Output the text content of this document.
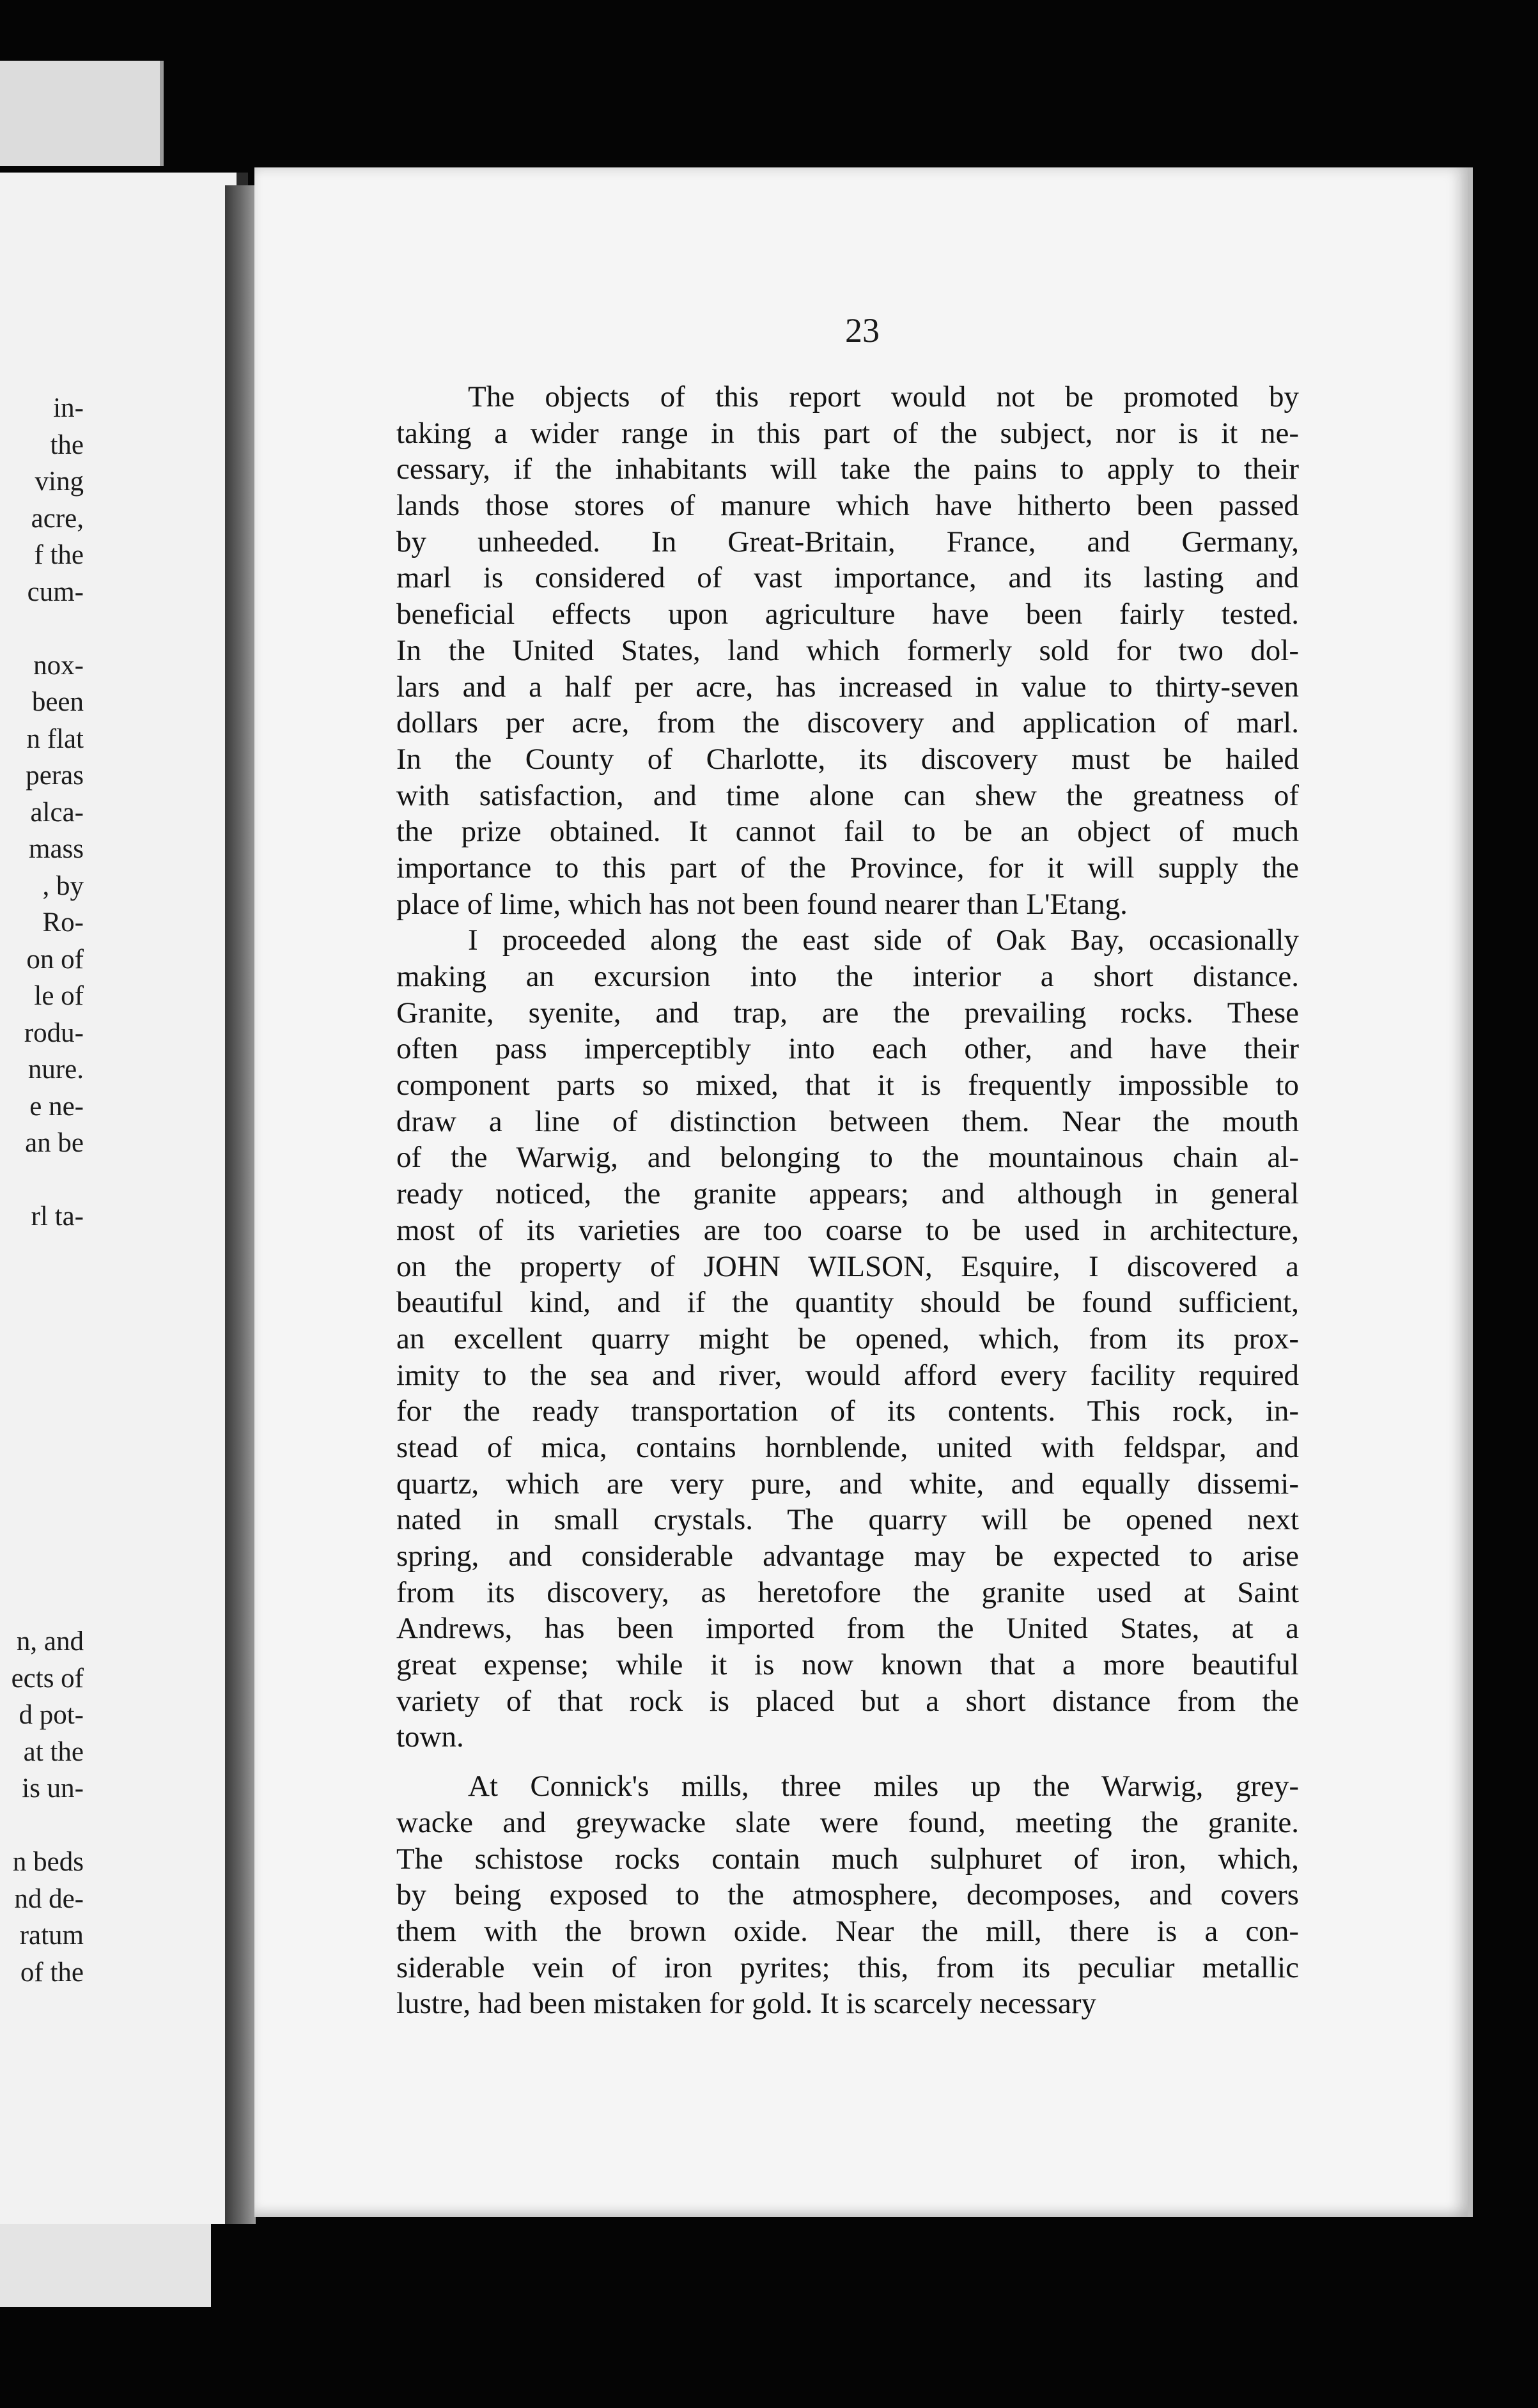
in-
the
ving
acre,
f the
cum-

nox-
been
n flat
peras
alca-
mass
, by
Ro-
on of
le of
rodu-
nure.
e ne-
an be

rl ta-
n, and
ects of
d pot-
at the
is un-

n beds
nd de-
ratum
of the
23
The objects of this report would not be promoted by
taking a wider range in this part of the subject, nor is it ne-
cessary, if the inhabitants will take the pains to apply to their
lands those stores of manure which have hitherto been passed
by unheeded. In Great-Britain, France, and Germany,
marl is considered of vast importance, and its lasting and
beneficial effects upon agriculture have been fairly tested.
In the United States, land which formerly sold for two dol-
lars and a half per acre, has increased in value to thirty-seven
dollars per acre, from the discovery and application of marl.
In the County of Charlotte, its discovery must be hailed
with satisfaction, and time alone can shew the greatness of
the prize obtained. It cannot fail to be an object of much
importance to this part of the Province, for it will supply the
place of lime, which has not been found nearer than L'Etang.
I proceeded along the east side of Oak Bay, occasionally
making an excursion into the interior a short distance.
Granite, syenite, and trap, are the prevailing rocks. These
often pass imperceptibly into each other, and have their
component parts so mixed, that it is frequently impossible to
draw a line of distinction between them. Near the mouth
of the Warwig, and belonging to the mountainous chain al-
ready noticed, the granite appears; and although in general
most of its varieties are too coarse to be used in architecture,
on the property of JOHN WILSON, Esquire, I discovered a
beautiful kind, and if the quantity should be found sufficient,
an excellent quarry might be opened, which, from its prox-
imity to the sea and river, would afford every facility required
for the ready transportation of its contents. This rock, in-
stead of mica, contains hornblende, united with feldspar, and
quartz, which are very pure, and white, and equally dissemi-
nated in small crystals. The quarry will be opened next
spring, and considerable advantage may be expected to arise
from its discovery, as heretofore the granite used at Saint
Andrews, has been imported from the United States, at a
great expense; while it is now known that a more beautiful
variety of that rock is placed but a short distance from the
town.
At Connick's mills, three miles up the Warwig, grey-
wacke and greywacke slate were found, meeting the granite.
The schistose rocks contain much sulphuret of iron, which,
by being exposed to the atmosphere, decomposes, and covers
them with the brown oxide. Near the mill, there is a con-
siderable vein of iron pyrites; this, from its peculiar metallic
lustre, had been mistaken for gold. It is scarcely necessary
